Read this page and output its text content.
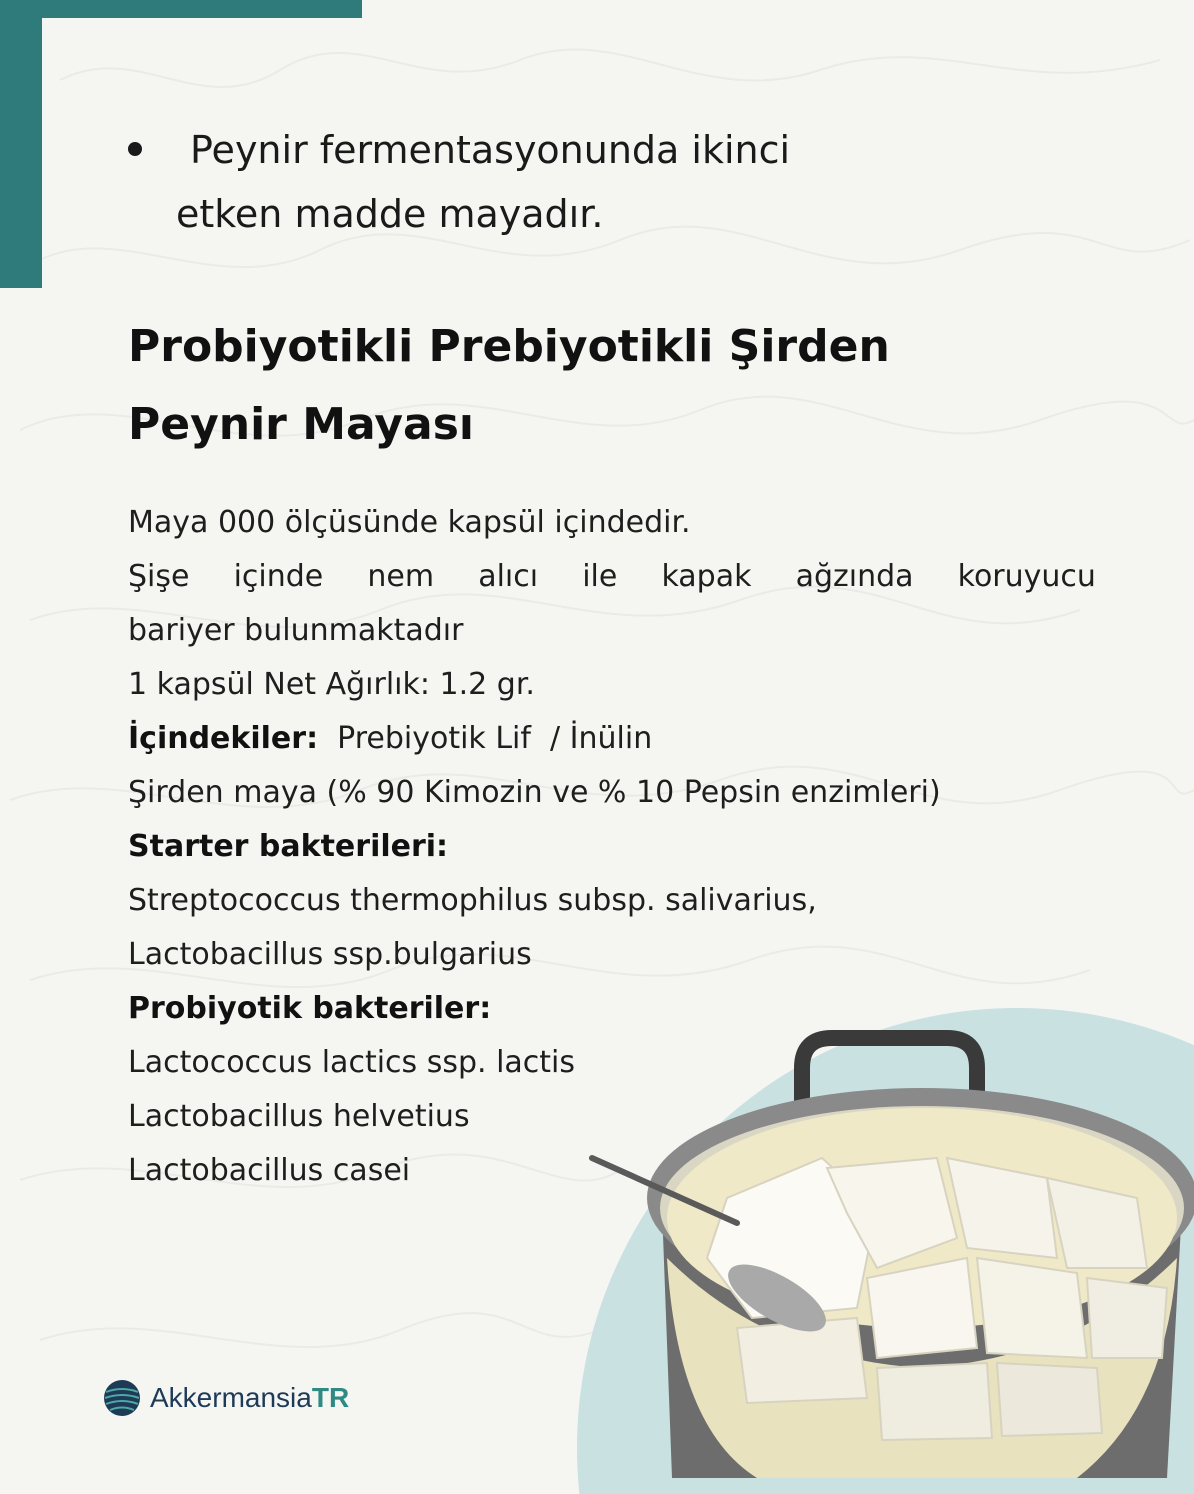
Peynir fermentasyonunda ikinci
etken madde mayadır.
Probiyotikli Prebiyotikli Şirden
Peynir Mayası
Maya 000 ölçüsünde kapsül içindedir.
Şişe içinde nem alıcı ile kapak ağzında koruyucu
bariyer bulunmaktadır
1 kapsül Net Ağırlık: 1.2 gr.
İçindekiler: Prebiyotik Lif  / İnülin
Şirden maya (% 90 Kimozin ve % 10 Pepsin enzimleri)
Starter bakterileri:
Streptococcus thermophilus subsp. salivarius,
Lactobacillus ssp.bulgarius
Probiyotik bakteriler:
Lactococcus lactics ssp. lactis
Lactobacillus helvetius
Lactobacillus casei
AkkermansiaTR
